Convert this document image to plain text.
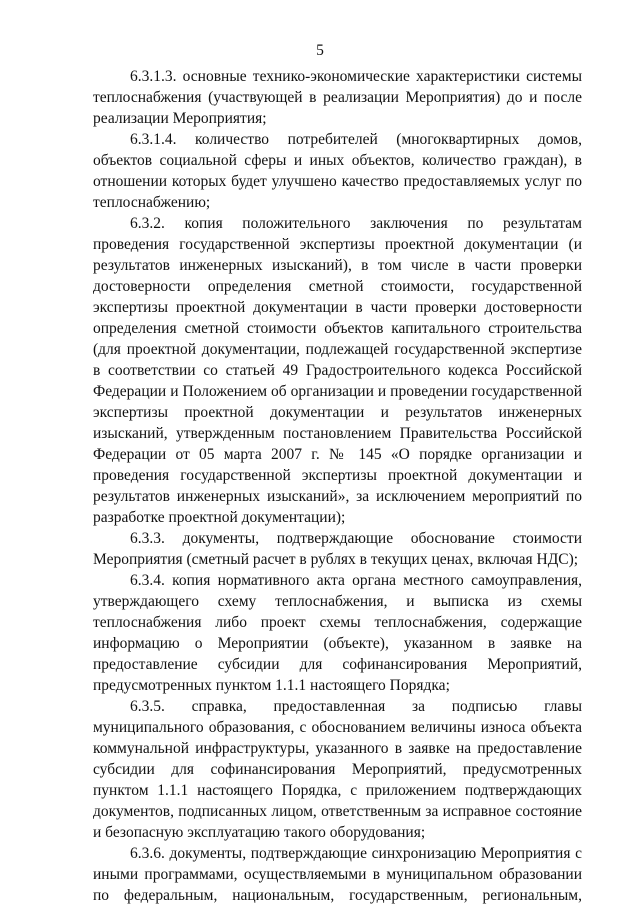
5

6.3.1.3. основные технико-экономические характеристики системы теплоснабжения (участвующей в реализации Мероприятия) до и после реализации Мероприятия;

6.3.1.4. количество потребителей (многоквартирных домов, объектов социальной сферы и иных объектов, количество граждан), в отношении которых будет улучшено качество предоставляемых услуг по теплоснабжению;

6.3.2. копия положительного заключения по результатам проведения государственной экспертизы проектной документации (и результатов инженерных изысканий), в том числе в части проверки достоверности определения сметной стоимости, государственной экспертизы проектной документации в части проверки достоверности определения сметной стоимости объектов капитального строительства (для проектной документации, подлежащей государственной экспертизе в соответствии со статьей 49 Градостроительного кодекса Российской Федерации и Положением об организации и проведении государственной экспертизы проектной документации и результатов инженерных изысканий, утвержденным постановлением Правительства Российской Федерации от 05 марта 2007 г. № 145 «О порядке организации и проведения государственной экспертизы проектной документации и результатов инженерных изысканий», за исключением мероприятий по разработке проектной документации);

6.3.3. документы, подтверждающие обоснование стоимости Мероприятия (сметный расчет в рублях в текущих ценах, включая НДС);

6.3.4. копия нормативного акта органа местного самоуправления, утверждающего схему теплоснабжения, и выписка из схемы теплоснабжения либо проект схемы теплоснабжения, содержащие информацию о Мероприятии (объекте), указанном в заявке на предоставление субсидии для софинансирования Мероприятий, предусмотренных пунктом 1.1.1 настоящего Порядка;

6.3.5. справка, предоставленная за подписью главы муниципального образования, с обоснованием величины износа объекта коммунальной инфраструктуры, указанного в заявке на предоставление субсидии для софинансирования Мероприятий, предусмотренных пунктом 1.1.1 настоящего Порядка, с приложением подтверждающих документов, подписанных лицом, ответственным за исправное состояние и безопасную эксплуатацию такого оборудования;

6.3.6. документы, подтверждающие синхронизацию Мероприятия с иными программами, осуществляемыми в муниципальном образовании по федеральным, национальным, государственным, региональным,
